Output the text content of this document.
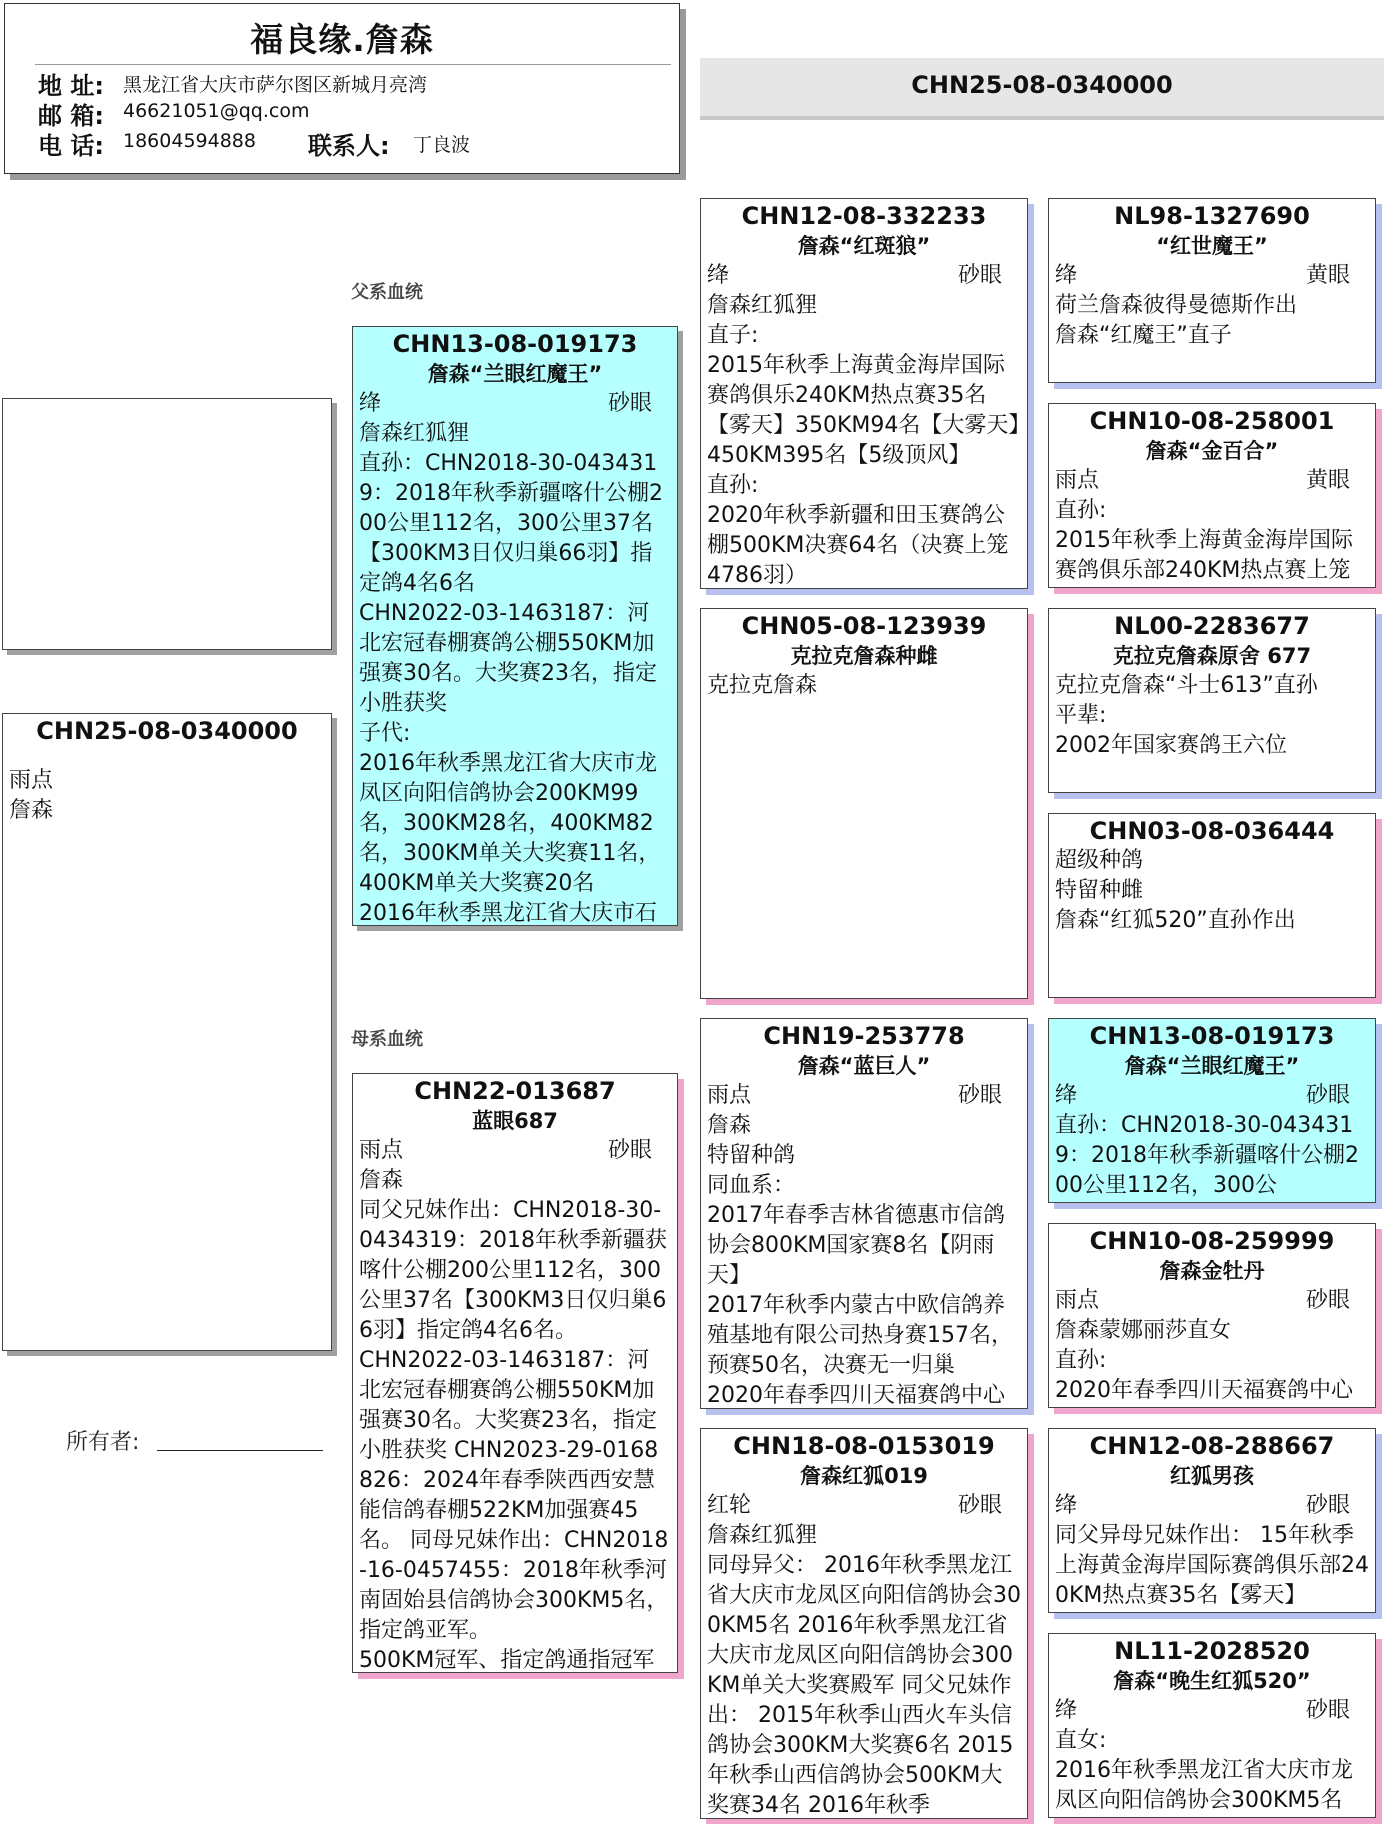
福良缘.詹森
地 址: 黑龙江省大庆市萨尔图区新城月亮湾
邮 箱: 46621051@qq.com
电 话: 18604594888 联系人: 丁良波
CHN25-08-0340000
父系血统
母系血统
CHN25-08-0340000
雨点
詹森
所有者:
CHN13-08-019173
詹森“兰眼红魔王”
绛	砂眼
詹森红狐狸
直孙：CHN2018-30-0434319：2018年秋季新疆喀什公棚200公里112名，300公里37名【300KM3日仅归巢66羽】指定鸽4名6名
CHN2022-03-1463187：河北宏冠春棚赛鸽公棚550KM加强赛30名。大奖赛23名，指定小胜获奖
子代:
2016年秋季黑龙江省大庆市龙凤区向阳信鸽协会200KM99名，300KM28名，400KM82名，300KM单关大奖赛11名，400KM单关大奖赛20名
2016年秋季黑龙江省大庆市石
CHN22-013687
蓝眼687
雨点	砂眼
詹森
同父兄妹作出：CHN2018-30-0434319：2018年秋季新疆获喀什公棚200公里112名，300公里37名【300KM3日仅归巢66羽】指定鸽4名6名。
CHN2022-03-1463187：河北宏冠春棚赛鸽公棚550KM加强赛30名。大奖赛23名，指定小胜获奖 CHN2023-29-0168826：2024年春季陕西西安慧能信鸽春棚522KM加强赛45名。 同母兄妹作出：CHN2018-16-0457455：2018年秋季河南固始县信鸽协会300KM5名，指定鸽亚军。
500KM冠军、指定鸽通指冠军
CHN12-08-332233
詹森“红斑狼”
绛	砂眼
詹森红狐狸
直子:
2015年秋季上海黄金海岸国际赛鸽俱乐240KM热点赛35名【雾天】350KM94名【大雾天】450KM395名【5级顶风】
直孙:
2020年秋季新疆和田玉赛鸽公棚500KM决赛64名（决赛上笼4786羽）
CHN05-08-123939
克拉克詹森种雌
克拉克詹森
CHN19-253778
詹森“蓝巨人”
雨点	砂眼
詹森
特留种鸽
同血系：
2017年春季吉林省德惠市信鸽协会800KM国家赛8名【阴雨天】
2017年秋季内蒙古中欧信鸽养殖基地有限公司热身赛157名，预赛50名，决赛无一归巢
2020年春季四川天福赛鸽中心
CHN18-08-0153019
詹森红狐019
红轮	砂眼
詹森红狐狸
同母异父： 2016年秋季黑龙江省大庆市龙凤区向阳信鸽协会300KM5名 2016年秋季黑龙江省大庆市龙凤区向阳信鸽协会300KM单关大奖赛殿军 同父兄妹作出： 2015年秋季山西火车头信鸽协会300KM大奖赛6名 2015年秋季山西信鸽协会500KM大奖赛34名 2016年秋季
NL98-1327690
“红世魔王”
绛	黄眼
荷兰詹森彼得曼德斯作出
詹森“红魔王”直子
CHN10-08-258001
詹森“金百合”
雨点	黄眼
直孙:
2015年秋季上海黄金海岸国际赛鸽俱乐部240KM热点赛上笼
NL00-2283677
克拉克詹森原舍 677
克拉克詹森“斗士613”直孙
平辈:
2002年国家赛鸽王六位
CHN03-08-036444
超级种鸽
特留种雌
詹森“红狐520”直孙作出
CHN13-08-019173
詹森“兰眼红魔王”
绛	砂眼
直孙：CHN2018-30-0434319：2018年秋季新疆喀什公棚200公里112名，300公
CHN10-08-259999
詹森金牡丹
雨点	砂眼
詹森蒙娜丽莎直女
直孙:
2020年春季四川天福赛鸽中心
CHN12-08-288667
红狐男孩
绛	砂眼
同父异母兄妹作出： 15年秋季上海黄金海岸国际赛鸽俱乐部240KM热点赛35名【雾天】
NL11-2028520
詹森“晚生红狐520”
绛	砂眼
直女:
2016年秋季黑龙江省大庆市龙凤区向阳信鸽协会300KM5名
